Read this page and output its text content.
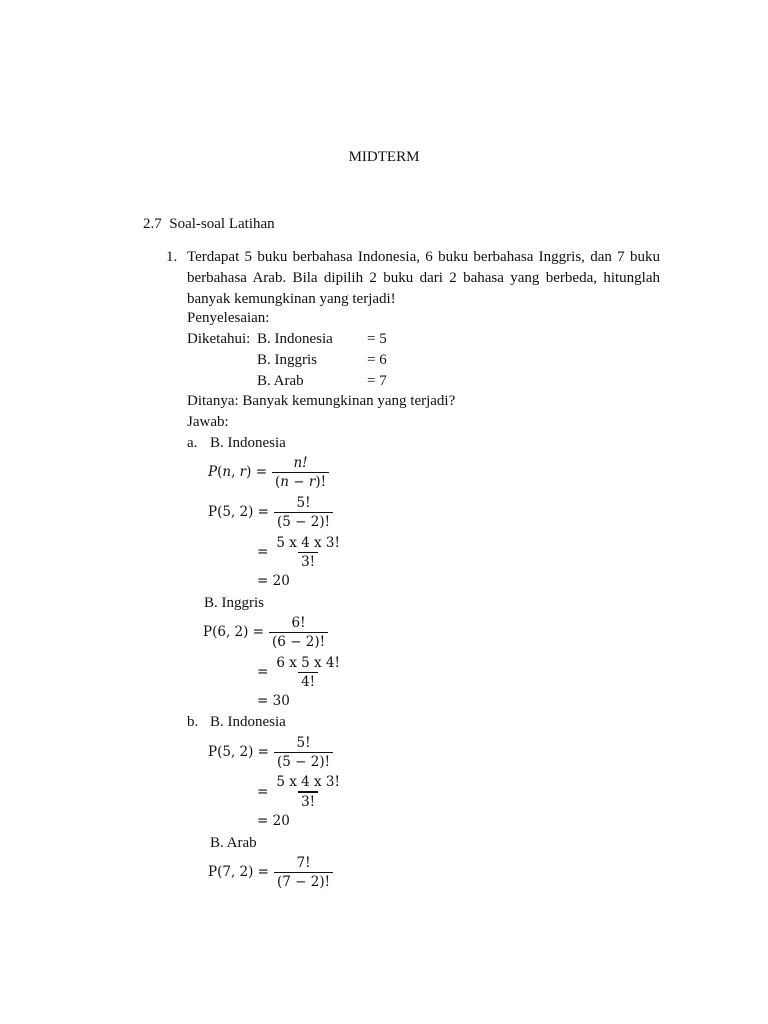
MIDTERM
2.7 Soal-soal Latihan
1. Terdapat 5 buku berbahasa Indonesia, 6 buku berbahasa Inggris, dan 7 buku
berbahasa Arab. Bila dipilih 2 buku dari 2 bahasa yang berbeda, hitunglah
banyak kemungkinan yang terjadi!
Penyelesaian:
Diketahui: B. Indonesia = 5
B. Inggris	= 6
B. Arab	= 7
Ditanya: Banyak kemungkinan yang terjadi?
Jawab:
a. B. Indonesia
P(n, $r) = \frac{n!}{(n - r)!}$
P(5, $2) = \frac{5!}{(5 - 2)!}$
= $\frac{5 x 4 x 3!}{3!}$
= 20
B. Inggris
P(6, $2) = \frac{6!}{(6 - 2)!}$
= $\frac{6 x 5 x 4!}{4!}$
= 30
b. B. Indonesia
P(5, $2) = \frac{5!}{(5 - 2)!}$
= $\frac{5 x 4 x 3!}{3!}$
= 20
B. Arab
P(7, $2) = \frac{7!}{(7 - 2)!}$
